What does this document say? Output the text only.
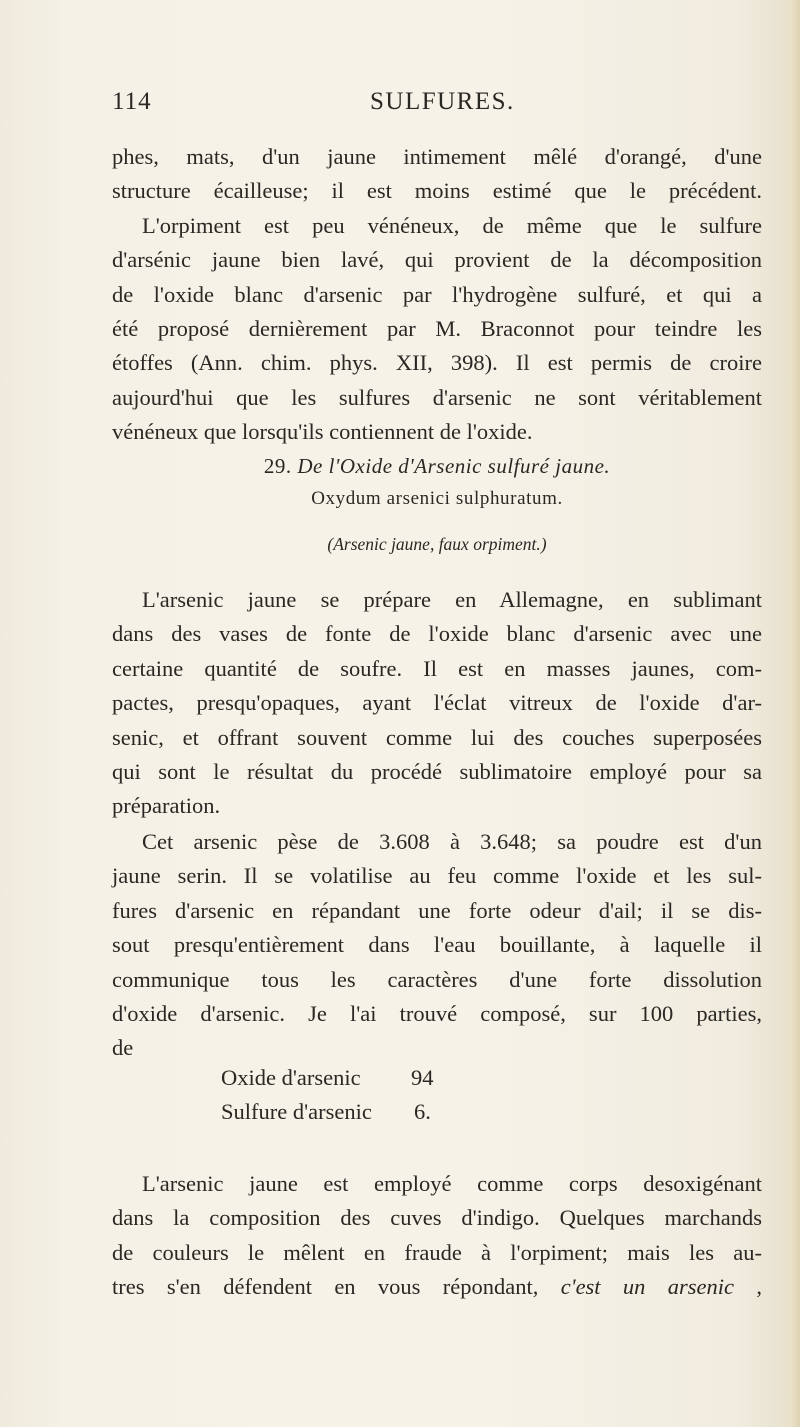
114	SULFURES.
phes, mats, d'un jaune intimement mêlé d'orangé, d'une
structure écailleuse; il est moins estimé que le précédent.
L'orpiment est peu vénéneux, de même que le sulfure
d'arsénic jaune bien lavé, qui provient de la décomposition
de l'oxide blanc d'arsenic par l'hydrogène sulfuré, et qui a
été proposé dernièrement par M. Braconnot pour teindre les
étoffes (Ann. chim. phys. XII, 398). Il est permis de croire
aujourd'hui que les sulfures d'arsenic ne sont véritablement
vénéneux que lorsqu'ils contiennent de l'oxide.
29. De l'Oxide d'Arsenic sulfuré jaune.
Oxydum arsenici sulphuratum.
(Arsenic jaune, faux orpiment.)
L'arsenic jaune se prépare en Allemagne, en sublimant
dans des vases de fonte de l'oxide blanc d'arsenic avec une
certaine quantité de soufre. Il est en masses jaunes, com-
pactes, presqu'opaques, ayant l'éclat vitreux de l'oxide d'ar-
senic, et offrant souvent comme lui des couches superposées
qui sont le résultat du procédé sublimatoire employé pour sa
préparation.
Cet arsenic pèse de 3.608 à 3.648; sa poudre est d'un
jaune serin. Il se volatilise au feu comme l'oxide et les sul-
fures d'arsenic en répandant une forte odeur d'ail; il se dis-
sout presqu'entièrement dans l'eau bouillante, à laquelle il
communique tous les caractères d'une forte dissolution
d'oxide d'arsenic. Je l'ai trouvé composé, sur 100 parties,
de
Oxide d'arsenic 94
Sulfure d'arsenic 6.
L'arsenic jaune est employé comme corps desoxigénant
dans la composition des cuves d'indigo. Quelques marchands
de couleurs le mêlent en fraude à l'orpiment; mais les au-
tres s'en défendent en vous répondant, c'est un arsenic ,
